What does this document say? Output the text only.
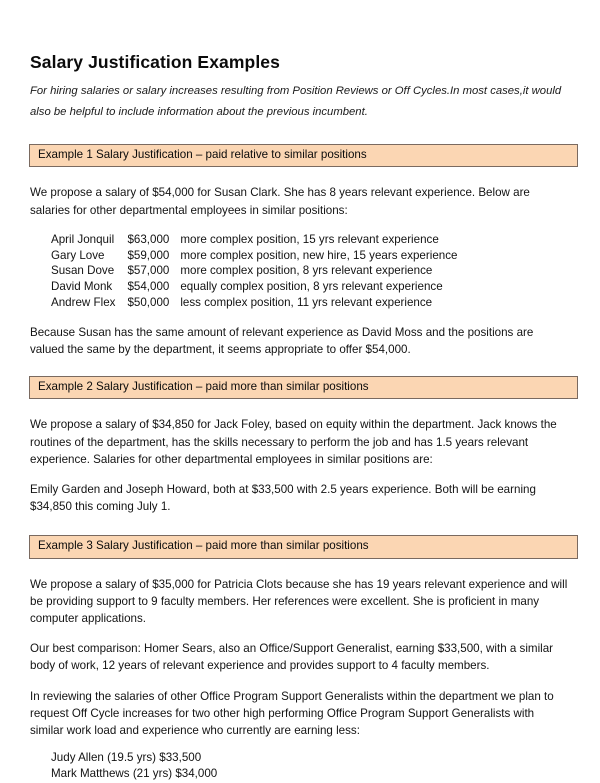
Salary Justification Examples

For hiring salaries or salary increases resulting from Position Reviews or Off Cycles.In most cases,it would also be helpful to include information about the previous incumbent.

Example 1 Salary Justification – paid relative to similar positions

We propose a salary of $54,000 for Susan Clark. She has 8 years relevant experience. Below are salaries for other departmental employees in similar positions:

April Jonquil	$63,000	more complex position, 15 yrs relevant experience
Gary Love	$59,000	more complex position, new hire, 15 years experience
Susan Dove	$57,000	more complex position, 8 yrs relevant experience
David Monk	$54,000	equally complex position, 8 yrs relevant experience
Andrew Flex	$50,000	less complex position, 11 yrs relevant experience

Because Susan has the same amount of relevant experience as David Moss and the positions are valued the same by the department, it seems appropriate to offer $54,000.

Example 2 Salary Justification – paid more than similar positions

We propose a salary of $34,850 for Jack Foley, based on equity within the department. Jack knows the routines of the department, has the skills necessary to perform the job and has 1.5 years relevant experience. Salaries for other departmental employees in similar positions are:

Emily Garden and Joseph Howard, both at $33,500 with 2.5 years experience. Both will be earning $34,850 this coming July 1.

Example 3 Salary Justification – paid more than similar positions

We propose a salary of $35,000 for Patricia Clots because she has 19 years relevant experience and will be providing support to 9 faculty members. Her references were excellent. She is proficient in many computer applications.

Our best comparison: Homer Sears, also an Office/Support Generalist, earning $33,500, with a similar body of work, 12 years of relevant experience and provides support to 4 faculty members.

In reviewing the salaries of other Office Program Support Generalists within the department we plan to request Off Cycle increases for two other high performing Office Program Support Generalists with similar work load and experience who currently are earning less:

Judy Allen (19.5 yrs) $33,500
Mark Matthews (21 yrs) $34,000
